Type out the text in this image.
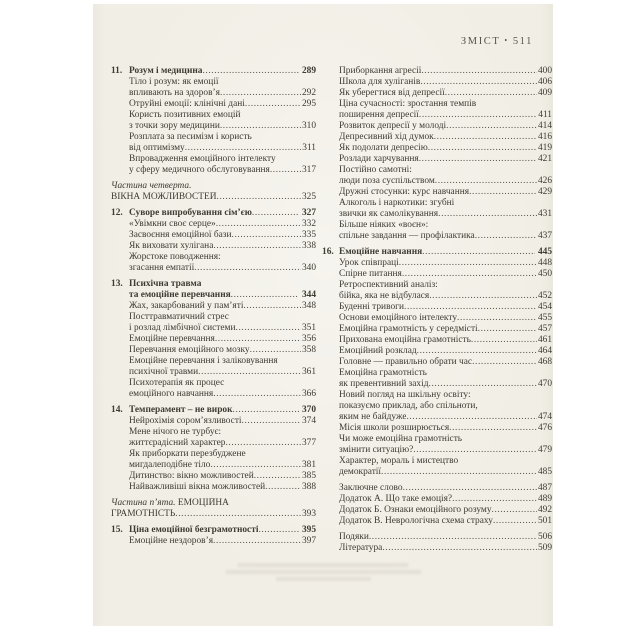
ЗМІСТ • 511
11. Розум і медицина .....	289
Тіло і розум: як емоції
впливають на здоров’я .....	292
Отруйні емоції: клінічні дані .....	295
Користь позитивних емоцій
з точки зору медицини .....	310
Розплата за песимізм і користь
від оптимізму .....	311
Впровадження емоційного інтелекту
у сферу медичного обслуговування .....	317
Частина четверта.
ВІКНА МОЖЛИВОСТЕЙ .....	325
12. Суворе випробування сім’єю .....	327
«Увімкни своє серце» .....	332
Засвоєння емоційної бази .....	335
Як виховати хулігана .....	338
Жорстоке поводження:
згасання емпатії .....	340
13. Психічна травма
та емоційне перевчання .....	344
Жах, закарбований у пам’яті .....	348
Посттравматичний стрес
і розлад лімбічної системи .....	351
Емоційне перевчання .....	356
Перевчання емоційного мозку .....	358
Емоційне перевчання і заліковування
психічної травми .....	361
Психотерапія як процес
емоційного навчання .....	366
14. Темперамент – не вирок .....	370
Нейрохімія сором’язливості .....	374
Мене нічого не турбує:
життєрадісний характер .....	377
Як приборкати перезбуджене
мигдалеподібне тіло .....	381
Дитинство: вікно можливостей .....	385
Найважливіші вікна можливостей .....	388
Частина п’ята. ЕМОЦІЙНА
ГРАМОТНІСТЬ .....	393
15. Ціна емоційної безграмотності .....	395
Емоційне нездоров’я .....	397
Приборкання агресії .....	400
Школа для хуліганів .....	406
Як уберегтися від депресії .....	409
Ціна сучасності: зростання темпів
поширення депресії .....	411
Розвиток депресії у молоді .....	414
Депресивний хід думок .....	416
Як подолати депресію .....	419
Розлади харчування .....	421
Постійно самотні:
люди поза суспільством .....	426
Дружні стосунки: курс навчання .....	429
Алкоголь і наркотики: згубні
звички як самолікування .....	431
Більше ніяких «воєн»:
спільне завдання — профілактика .....	437
16. Емоційне навчання .....	445
Урок співпраці .....	448
Спірне питання .....	450
Ретроспективний аналіз:
бійка, яка не відбулася .....	452
Буденні тривоги .....	454
Основи емоційного інтелекту .....	455
Емоційна грамотність у середмісті .....	457
Прихована емоційна грамотність .....	461
Емоційний розклад .....	464
Головне — правильно обрати час .....	468
Емоційна грамотність
як превентивний захід .....	470
Новий погляд на шкільну освіту:
показуємо приклад, або спільноти,
яким не байдуже .....	474
Місія школи розширюється .....	476
Чи може емоційна грамотність
змінити ситуацію? .....	479
Характер, мораль і мистецтво
демократії .....	485
Заключне слово .....	487
Додаток А. Що таке емоція? .....	489
Додаток Б. Ознаки емоційного розуму .....	492
Додаток В. Неврологічна схема страху .....	501
Подяки .....	506
Література .....	509
